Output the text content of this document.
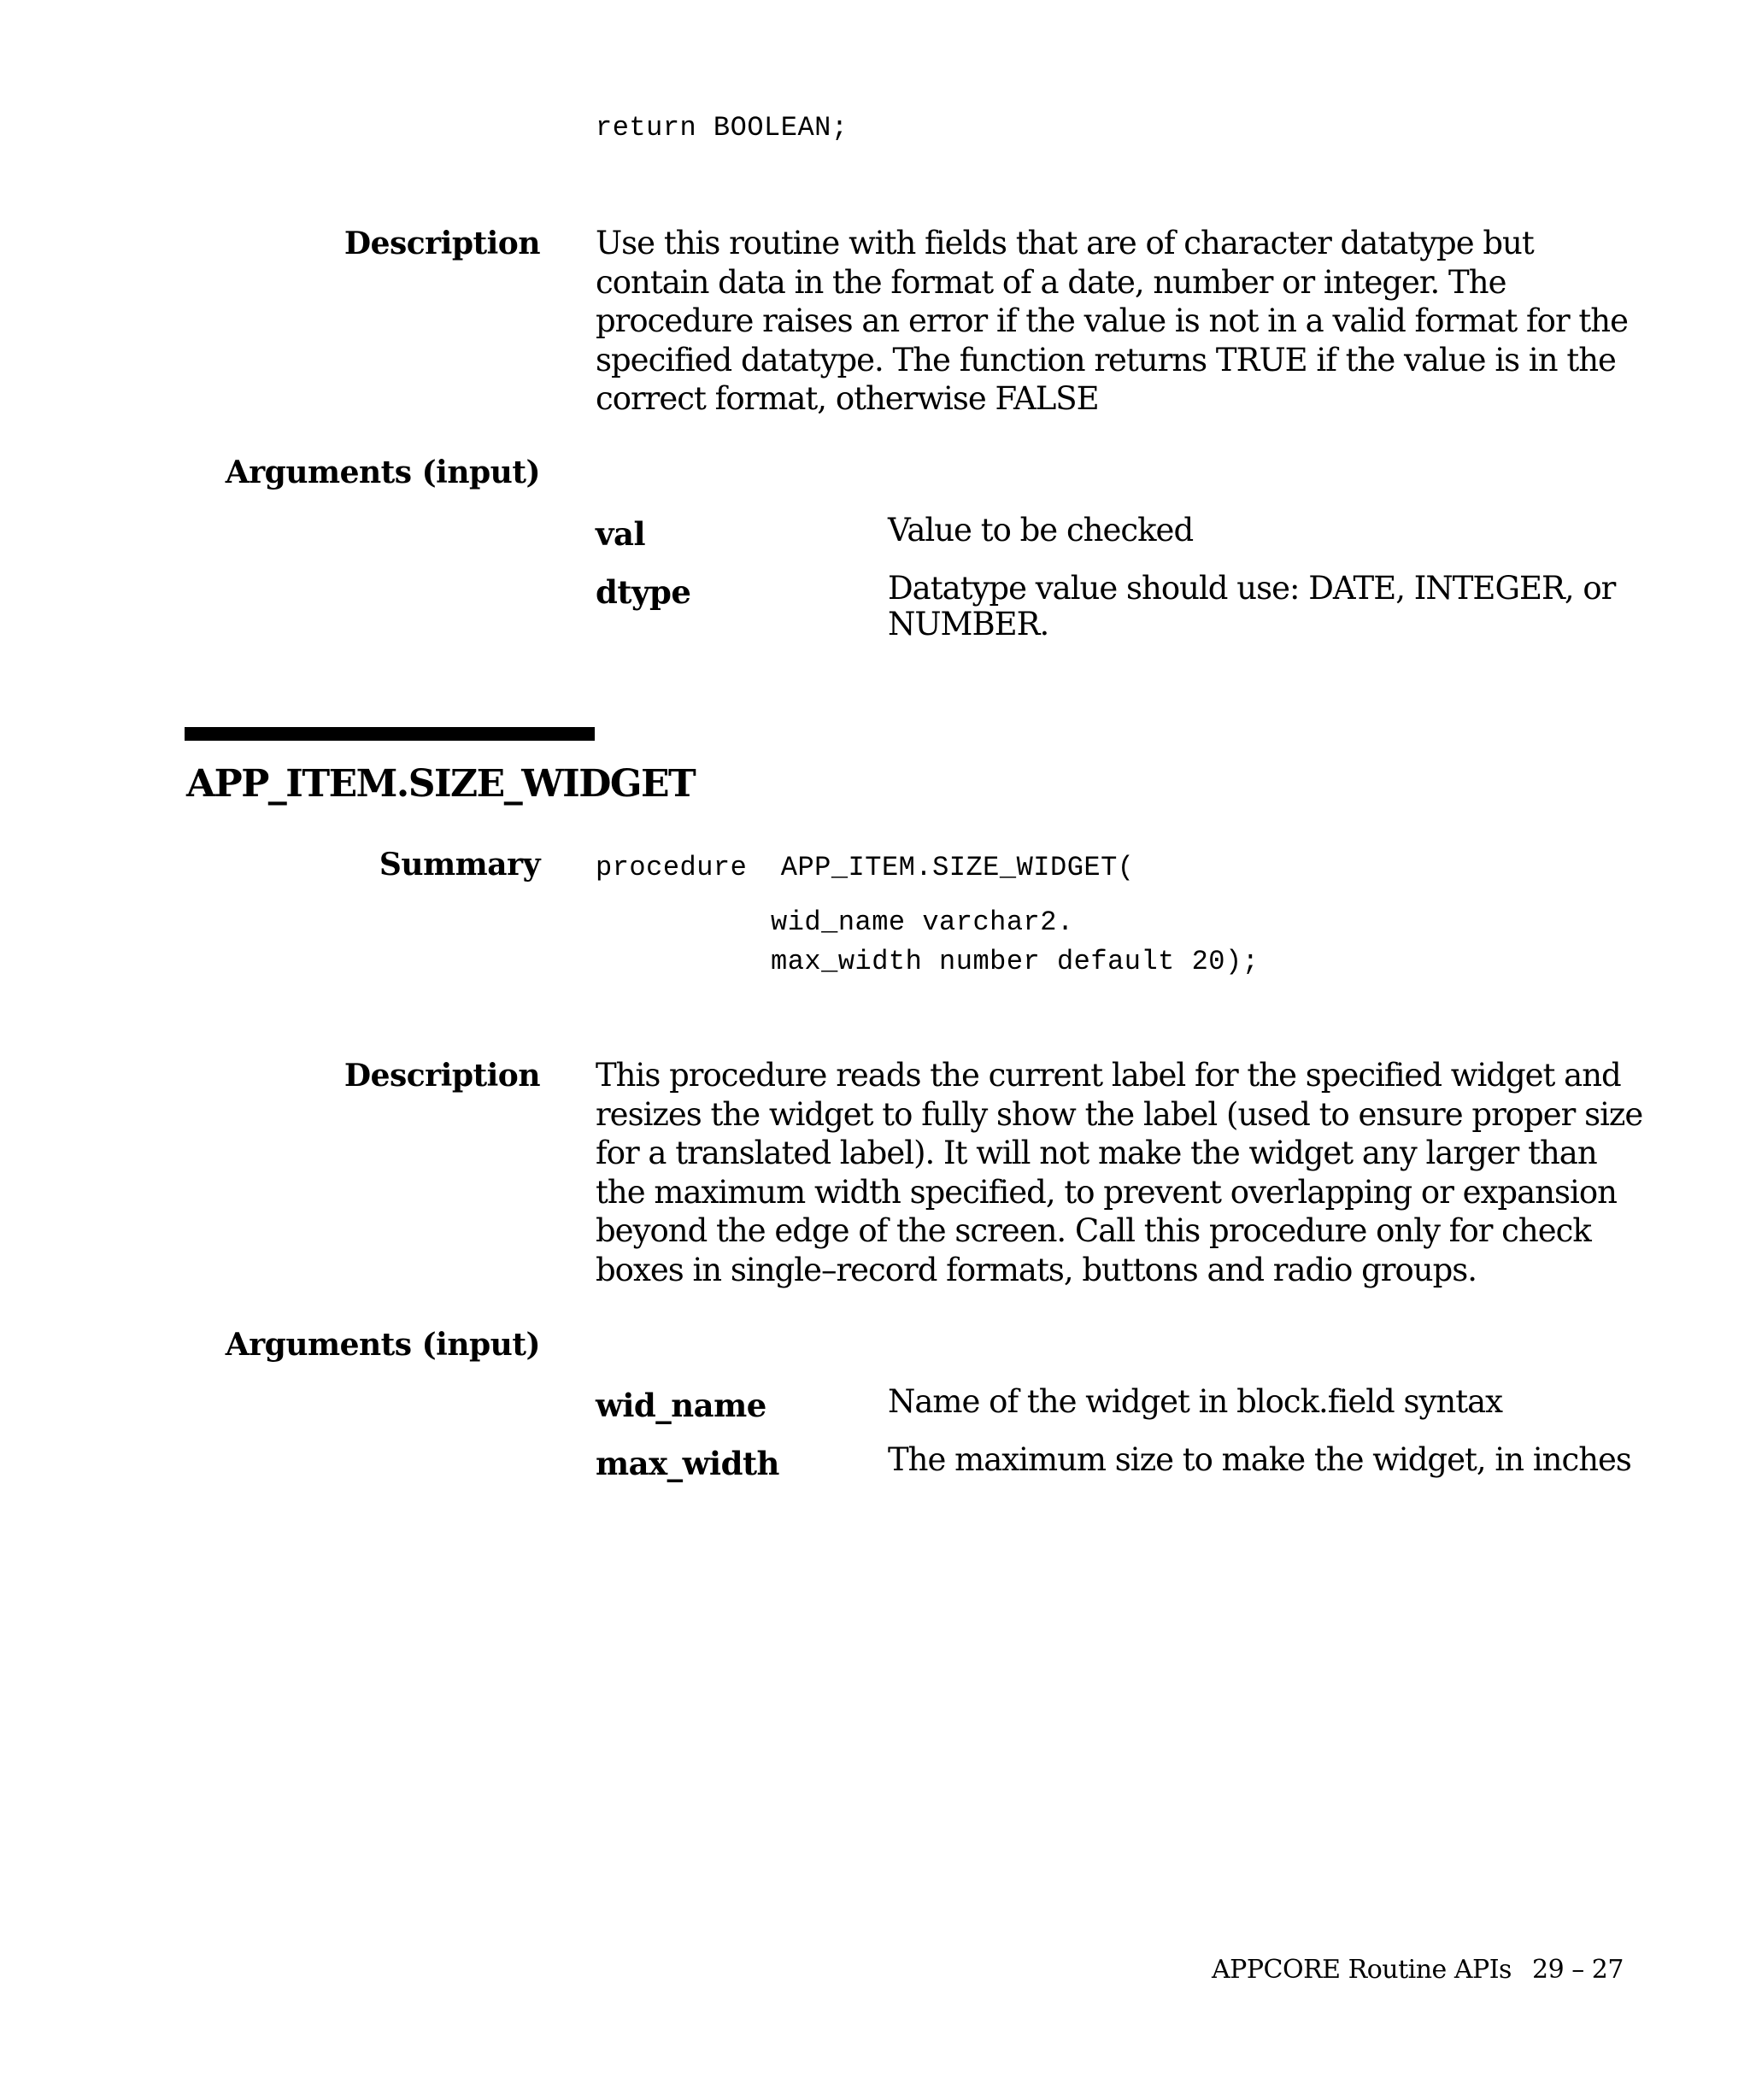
return BOOLEAN;
Description Use this routine with fields that are of character datatype but contain data in the format of a date, number or integer. The procedure raises an error if the value is not in a valid format for the specified datatype. The function returns TRUE if the value is in the correct format, otherwise FALSE
Arguments (input)
val	Value to be checked
dtype	Datatype value should use: DATE, INTEGER, or NUMBER.
APP_ITEM.SIZE_WIDGET
Summary procedure  APP_ITEM.SIZE_WIDGET(
wid_name varchar2.
max_width number default 20);
Description This procedure reads the current label for the specified widget and resizes the widget to fully show the label (used to ensure proper size for a translated label). It will not make the widget any larger than the maximum width specified, to prevent overlapping or expansion beyond the edge of the screen. Call this procedure only for check boxes in single–record formats, buttons and radio groups.
Arguments (input)
wid_name	Name of the widget in block.field syntax
max_width	The maximum size to make the widget, in inches
APPCORE Routine APIs 29 – 27
